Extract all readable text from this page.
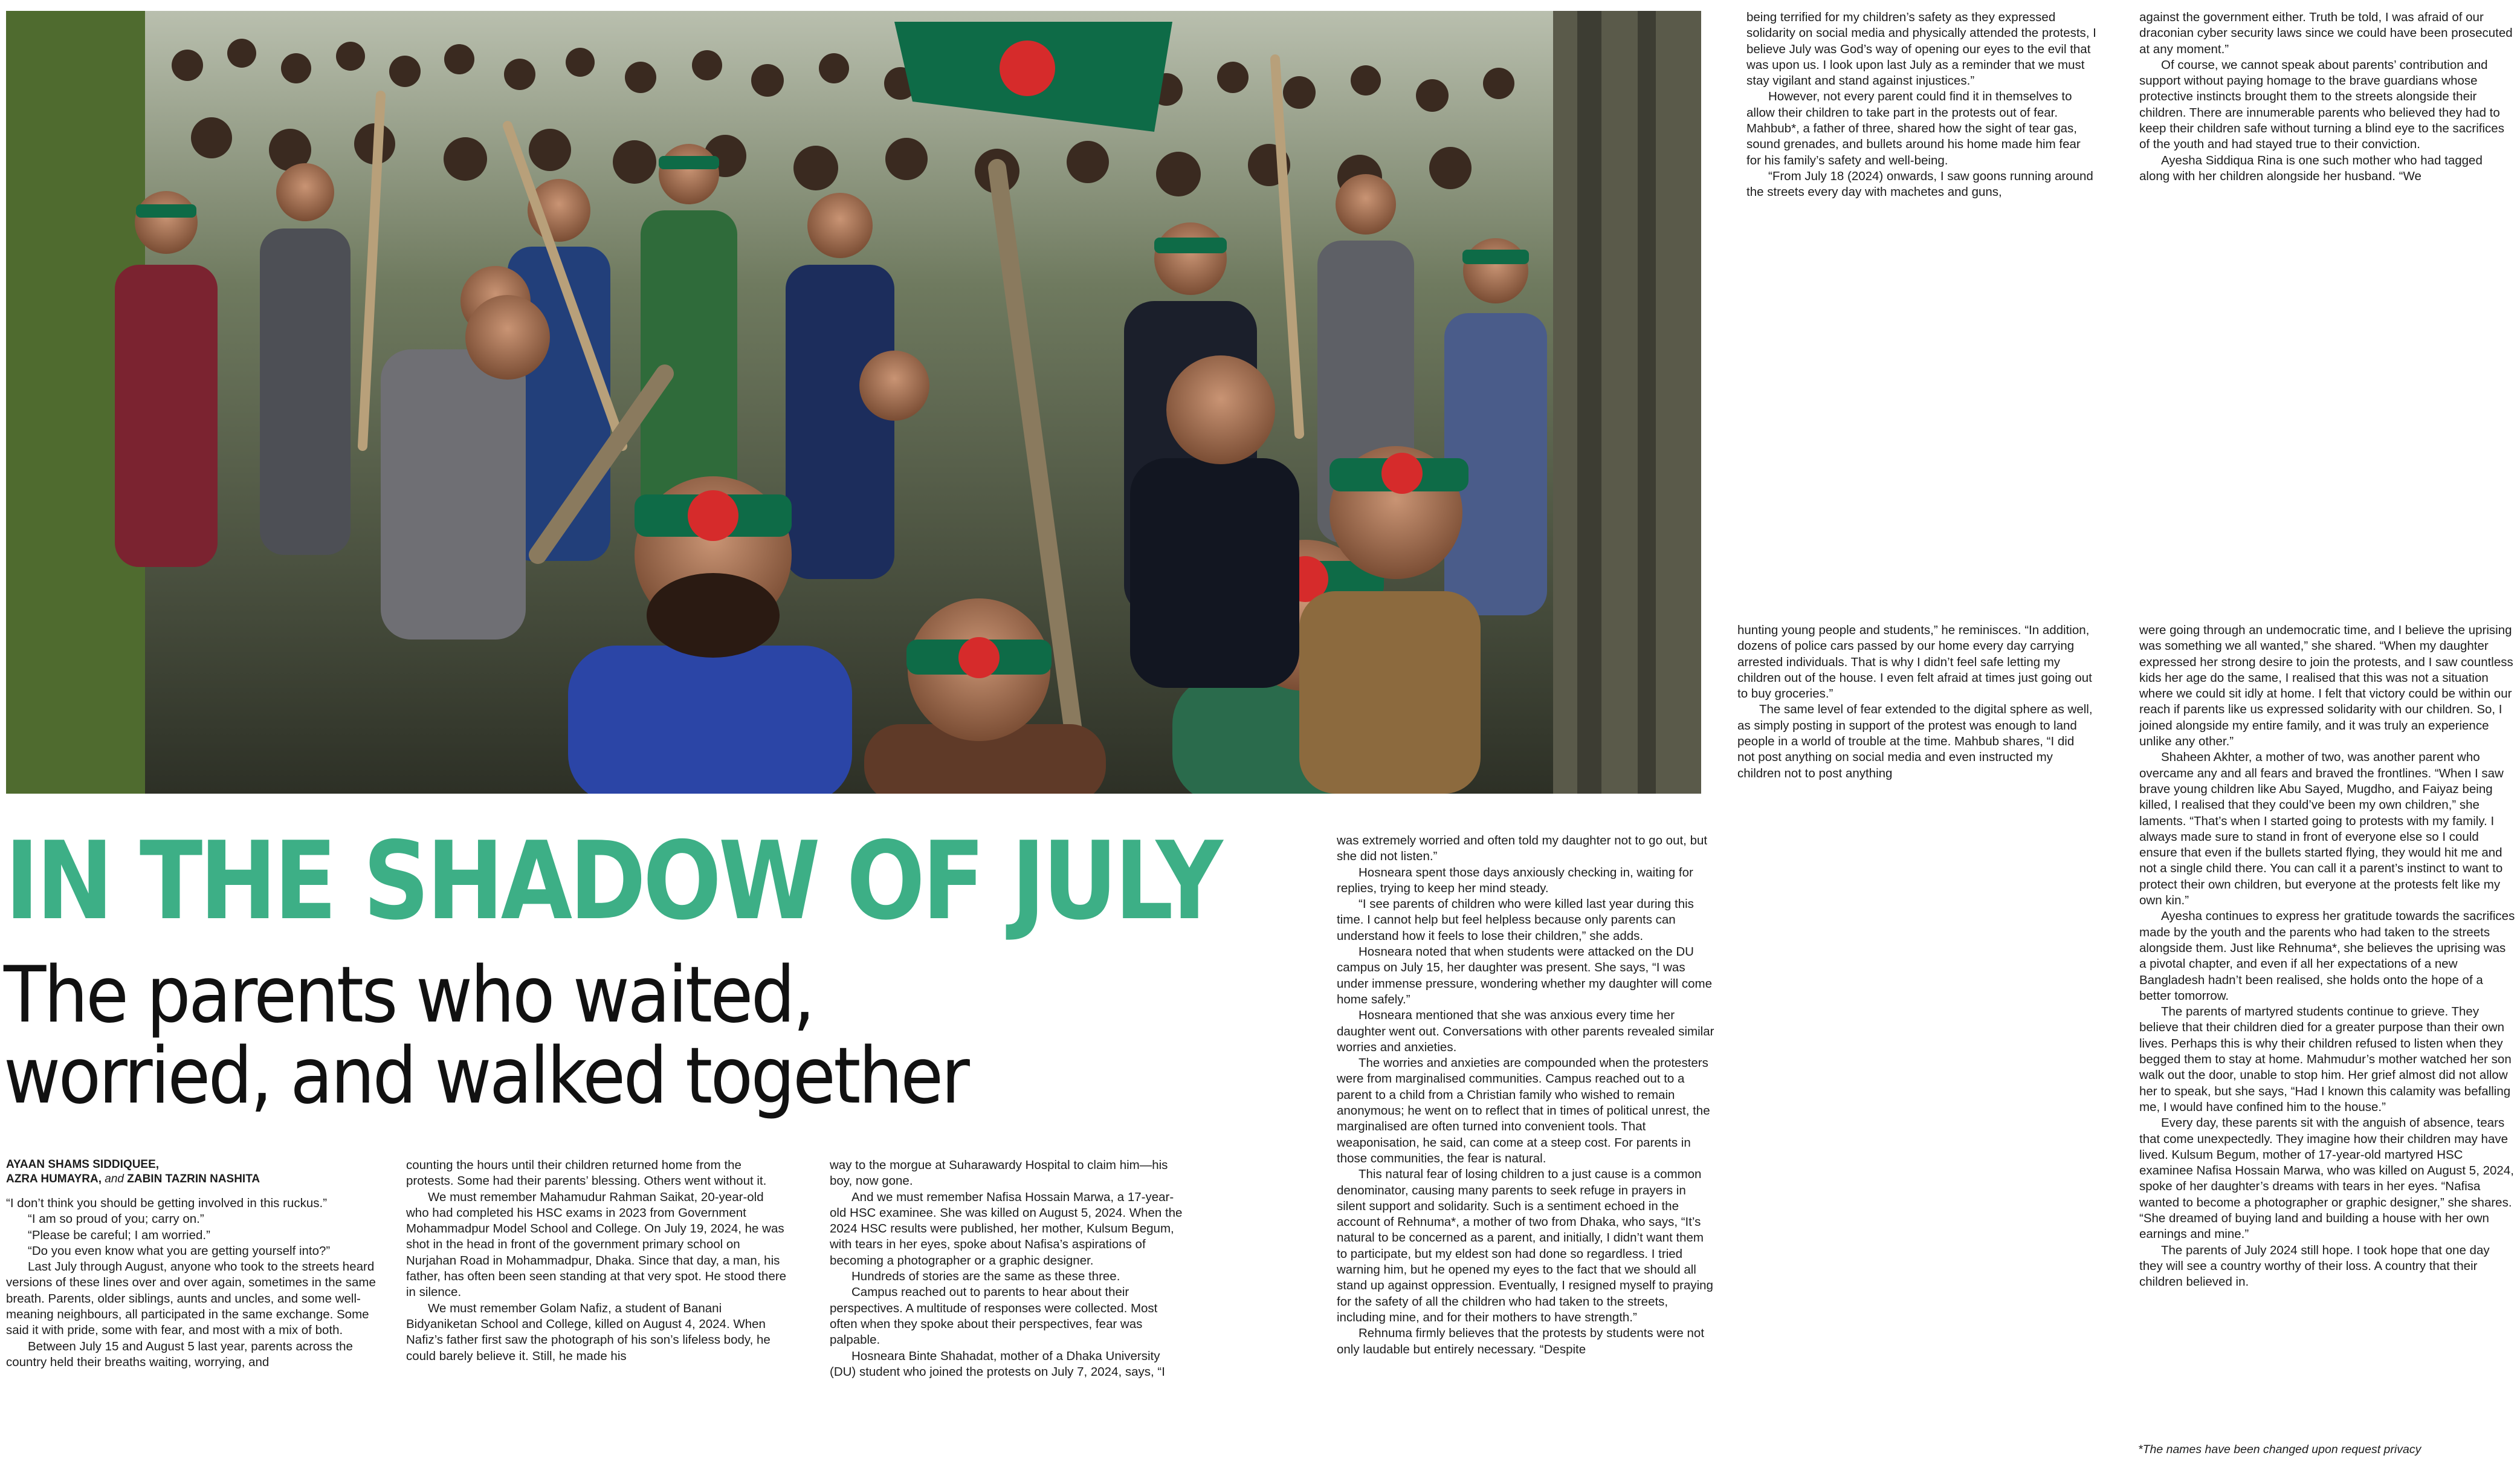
IN THE SHADOW OF JULY
The parents who waited,
worried, and walked together
AYAAN SHAMS SIDDIQUEE,
AZRA HUMAYRA, and ZABIN TAZRIN NASHITA

“I don’t think you should be getting involved in this ruckus.”

“I am so proud of you; carry on.”

“Please be careful; I am worried.”

“Do you even know what you are getting yourself into?”

Last July through August, anyone who took to the streets heard versions of these lines over and over again, sometimes in the same breath. Parents, older siblings, aunts and uncles, and some well-meaning neighbours, all participated in the same exchange. Some said it with pride, some with fear, and most with a mix of both.

Between July 15 and August 5 last year, parents across the country held their breaths waiting, worrying, and

counting the hours until their children returned home from the protests. Some had their parents’ blessing. Others went without it.

We must remember Mahamudur Rahman Saikat, 20-year-old who had completed his HSC exams in 2023 from Government Mohammadpur Model School and College. On July 19, 2024, he was shot in the head in front of the government primary school on Nurjahan Road in Mohammadpur, Dhaka. Since that day, a man, his father, has often been seen standing at that very spot. He stood there in silence.

We must remember Golam Nafiz, a student of Banani Bidyaniketan School and College, killed on August 4, 2024. When Nafiz’s father first saw the photograph of his son’s lifeless body, he could barely believe it. Still, he made his

way to the morgue at Suharawardy Hospital to claim him—his boy, now gone.

And we must remember Nafisa Hossain Marwa, a 17-year-old HSC examinee. She was killed on August 5, 2024. When the 2024 HSC results were published, her mother, Kulsum Begum, with tears in her eyes, spoke about Nafisa’s aspirations of becoming a photographer or a graphic designer.

Hundreds of stories are the same as these three.

Campus reached out to parents to hear about their perspectives. A multitude of responses were collected. Most often when they spoke about their perspectives, fear was palpable.

Hosneara Binte Shahadat, mother of a Dhaka University (DU) student who joined the protests on July 7, 2024, says, “I

was extremely worried and often told my daughter not to go out, but she did not listen.”

Hosneara spent those days anxiously checking in, waiting for replies, trying to keep her mind steady.

“I see parents of children who were killed last year during this time. I cannot help but feel helpless because only parents can understand how it feels to lose their children,” she adds.

Hosneara noted that when students were attacked on the DU campus on July 15, her daughter was present. She says, “I was under immense pressure, wondering whether my daughter will come home safely.”

Hosneara mentioned that she was anxious every time her daughter went out. Conversations with other parents revealed similar worries and anxieties.

The worries and anxieties are compounded when the protesters were from marginalised communities. Campus reached out to a parent to a child from a Christian family who wished to remain anonymous; he went on to reflect that in times of political unrest, the marginalised are often turned into convenient tools. That weaponisation, he said, can come at a steep cost. For parents in those communities, the fear is natural.

This natural fear of losing children to a just cause is a common denominator, causing many parents to seek refuge in prayers in silent support and solidarity. Such is a sentiment echoed in the account of Rehnuma*, a mother of two from Dhaka, who says, “It’s natural to be concerned as a parent, and initially, I didn’t want them to participate, but my eldest son had done so regardless. I tried warning him, but he opened my eyes to the fact that we should all stand up against oppression. Eventually, I resigned myself to praying for the safety of all the children who had taken to the streets, including mine, and for their mothers to have strength.”

Rehnuma firmly believes that the protests by students were not only laudable but entirely necessary. “Despite

being terrified for my children’s safety as they expressed solidarity on social media and physically attended the protests, I believe July was God’s way of opening our eyes to the evil that was upon us. I look upon last July as a reminder that we must stay vigilant and stand against injustices.”

However, not every parent could find it in themselves to allow their children to take part in the protests out of fear. Mahbub*, a father of three, shared how the sight of tear gas, sound grenades, and bullets around his home made him fear for his family’s safety and well-being.

“From July 18 (2024) onwards, I saw goons running around the streets every day with machetes and guns,

hunting young people and students,” he reminisces. “In addition, dozens of police cars passed by our home every day carrying arrested individuals. That is why I didn’t feel safe letting my children out of the house. I even felt afraid at times just going out to buy groceries.”

The same level of fear extended to the digital sphere as well, as simply posting in support of the protest was enough to land people in a world of trouble at the time. Mahbub shares, “I did not post anything on social media and even instructed my children not to post anything

against the government either. Truth be told, I was afraid of our draconian cyber security laws since we could have been prosecuted at any moment.”

Of course, we cannot speak about parents’ contribution and support without paying homage to the brave guardians whose protective instincts brought them to the streets alongside their children. There are innumerable parents who believed they had to keep their children safe without turning a blind eye to the sacrifices of the youth and had stayed true to their conviction.

Ayesha Siddiqua Rina is one such mother who had tagged along with her children alongside her husband. “We

were going through an undemocratic time, and I believe the uprising was something we all wanted,” she shared. “When my daughter expressed her strong desire to join the protests, and I saw countless kids her age do the same, I realised that this was not a situation where we could sit idly at home. I felt that victory could be within our reach if parents like us expressed solidarity with our children. So, I joined alongside my entire family, and it was truly an experience unlike any other.”

Shaheen Akhter, a mother of two, was another parent who overcame any and all fears and braved the frontlines. “When I saw brave young children like Abu Sayed, Mugdho, and Faiyaz being killed, I realised that they could’ve been my own children,” she laments. “That’s when I started going to protests with my family. I always made sure to stand in front of everyone else so I could ensure that even if the bullets started flying, they would hit me and not a single child there. You can call it a parent’s instinct to want to protect their own children, but everyone at the protests felt like my own kin.”

Ayesha continues to express her gratitude towards the sacrifices made by the youth and the parents who had taken to the streets alongside them. Just like Rehnuma*, she believes the uprising was a pivotal chapter, and even if all her expectations of a new Bangladesh hadn’t been realised, she holds onto the hope of a better tomorrow.

The parents of martyred students continue to grieve. They believe that their children died for a greater purpose than their own lives. Perhaps this is why their children refused to listen when they begged them to stay at home. Mahmudur’s mother watched her son walk out the door, unable to stop him. Her grief almost did not allow her to speak, but she says, “Had I known this calamity was befalling me, I would have confined him to the house.”

Every day, these parents sit with the anguish of absence, tears that come unexpectedly. They imagine how their children may have lived. Kulsum Begum, mother of 17-year-old martyred HSC examinee Nafisa Hossain Marwa, who was killed on August 5, 2024, spoke of her daughter’s dreams with tears in her eyes. “Nafisa wanted to become a photographer or graphic designer,” she shares. “She dreamed of buying land and building a house with her own earnings and mine.”

The parents of July 2024 still hope. I took hope that one day they will see a country worthy of their loss. A country that their children believed in.

*The names have been changed upon request privacy
